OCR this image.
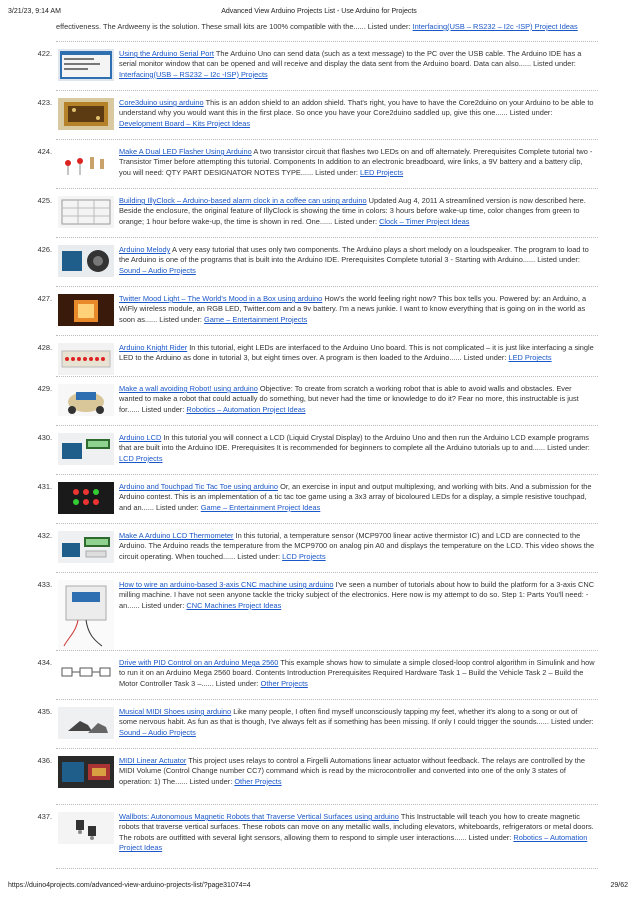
3/21/23, 9:14 AM	Advanced View Arduino Projects List - Use Arduino for Projects
effectiveness. The Ardweeny is the solution. These small kits are 100% compatible with the...... Listed under: Interfacing(USB – RS232 – I2c -ISP) Project Ideas
422.	Using the Arduino Serial Port The Arduino Uno can send data (such as a text message) to the PC over the USB cable. The Arduino IDE has a serial monitor window that can be opened and will receive and display the data sent from the Arduino board. Data can also...... Listed under: Interfacing(USB – RS232 – I2c -ISP) Projects
423.	Core3duino using arduino This is an addon shield to an addon shield. That's right, you have to have the Core2duino on your Arduino to be able to understand why you would want this in the first place. So once you have your Core2duino saddled up, give this one...... Listed under: Development Board – Kits Project Ideas
424.	Make A Dual LED Flasher Using Arduino A two transistor circuit that flashes two LEDs on and off alternately. Prerequisites Complete tutorial two - Transistor Timer before attempting this tutorial. Components In addition to an electronic breadboard, wire links, a 9V battery and a battery clip, you will need: QTY PART DESIGNATOR NOTES TYPE...... Listed under: LED Projects
425.	Building IllyClock – Arduino-based alarm clock in a coffee can using arduino Updated Aug 4, 2011 A streamlined version is now described here. Beside the enclosure, the original feature of IllyClock is showing the time in colors: 3 hours before wake-up time, color changes from green to orange; 1 hour before wake-up, the time is shown in red. One...... Listed under: Clock – Timer Project Ideas
426.	Arduino Melody A very easy tutorial that uses only two components. The Arduino plays a short melody on a loudspeaker. The program to load to the Arduino is one of the programs that is built into the Arduino IDE. Prerequisites Complete tutorial 3 - Starting with Arduino...... Listed under: Sound – Audio Projects
427.	Twitter Mood Light – The World's Mood in a Box using arduino How's the world feeling right now? This box tells you. Powered by: an Arduino, a WiFly wireless module, an RGB LED, Twitter.com and a 9v battery. I'm a news junkie. I want to know everything that is going on in the world as soon as...... Listed under: Game – Entertainment Projects
428.	Arduino Knight Rider In this tutorial, eight LEDs are interfaced to the Arduino Uno board. This is not complicated – it is just like interfacing a single LED to the Arduino as done in tutorial 3, but eight times over. A program is then loaded to the Arduino...... Listed under: LED Projects
429.	Make a wall avoiding Robot! using arduino Objective: To create from scratch a working robot that is able to avoid walls and obstacles. Ever wanted to make a robot that could actually do something, but never had the time or knowledge to do it? Fear no more, this instructable is just for...... Listed under: Robotics – Automation Project Ideas
430.	Arduino LCD In this tutorial you will connect a LCD (Liquid Crystal Display) to the Arduino Uno and then run the Arduino LCD example programs that are built into the Arduino IDE. Prerequisites It is recommended for beginners to complete all the Arduino tutorials up to and...... Listed under: LCD Projects
431.	Arduino and Touchpad Tic Tac Toe using arduino Or, an exercise in input and output multiplexing, and working with bits. And a submission for the Arduino contest. This is an implementation of a tic tac toe game using a 3x3 array of bicoloured LEDs for a display, a simple resistive touchpad, and an...... Listed under: Game – Entertainment Project Ideas
432.	Make A Arduino LCD Thermometer In this tutorial, a temperature sensor (MCP9700 linear active thermistor IC) and LCD are connected to the Arduino. The Arduino reads the temperature from the MCP9700 on analog pin A0 and displays the temperature on the LCD. This video shows the circuit operating. When touched...... Listed under: LCD Projects
433.	How to wire an arduino-based 3-axis CNC machine using arduino I've seen a number of tutorials about how to build the platform for a 3-axis CNC milling machine. I have not seen anyone tackle the tricky subject of the electronics. Here now is my attempt to do so. Step 1: Parts You'll need: - an...... Listed under: CNC Machines Project Ideas
434.	Drive with PID Control on an Arduino Mega 2560 This example shows how to simulate a simple closed-loop control algorithm in Simulink and how to run it on an Arduino Mega 2560 board. Contents Introduction Prerequisites Required Hardware Task 1 – Build the Vehicle Task 2 – Build the Motor Controller Task 3 –...... Listed under: Other Projects
435.	Musical MIDI Shoes using arduino Like many people, I often find myself unconsciously tapping my feet, whether it's along to a song or out of some nervous habit. As fun as that is though, I've always felt as if something has been missing. If only I could trigger the sounds...... Listed under: Sound – Audio Projects
436.	MIDI Linear Actuator This project uses relays to control a Firgelli Automations linear actuator without feedback. The relays are controlled by the MIDI Volume (Control Change number CC7) command which is read by the microcontroller and converted into one of the only 3 states of operation: 1) The...... Listed under: Other Projects
437.	Wallbots: Autonomous Magnetic Robots that Traverse Vertical Surfaces using arduino This Instructable will teach you how to create magnetic robots that traverse vertical surfaces. These robots can move on any metallic walls, including elevators, whiteboards, refrigerators or metal doors. The robots are outfitted with several light sensors, allowing them to respond to simple user interactions...... Listed under: Robotics – Automation Project Ideas
https://duino4projects.com/advanced-view-arduino-projects-list/?page31074=4	29/62
